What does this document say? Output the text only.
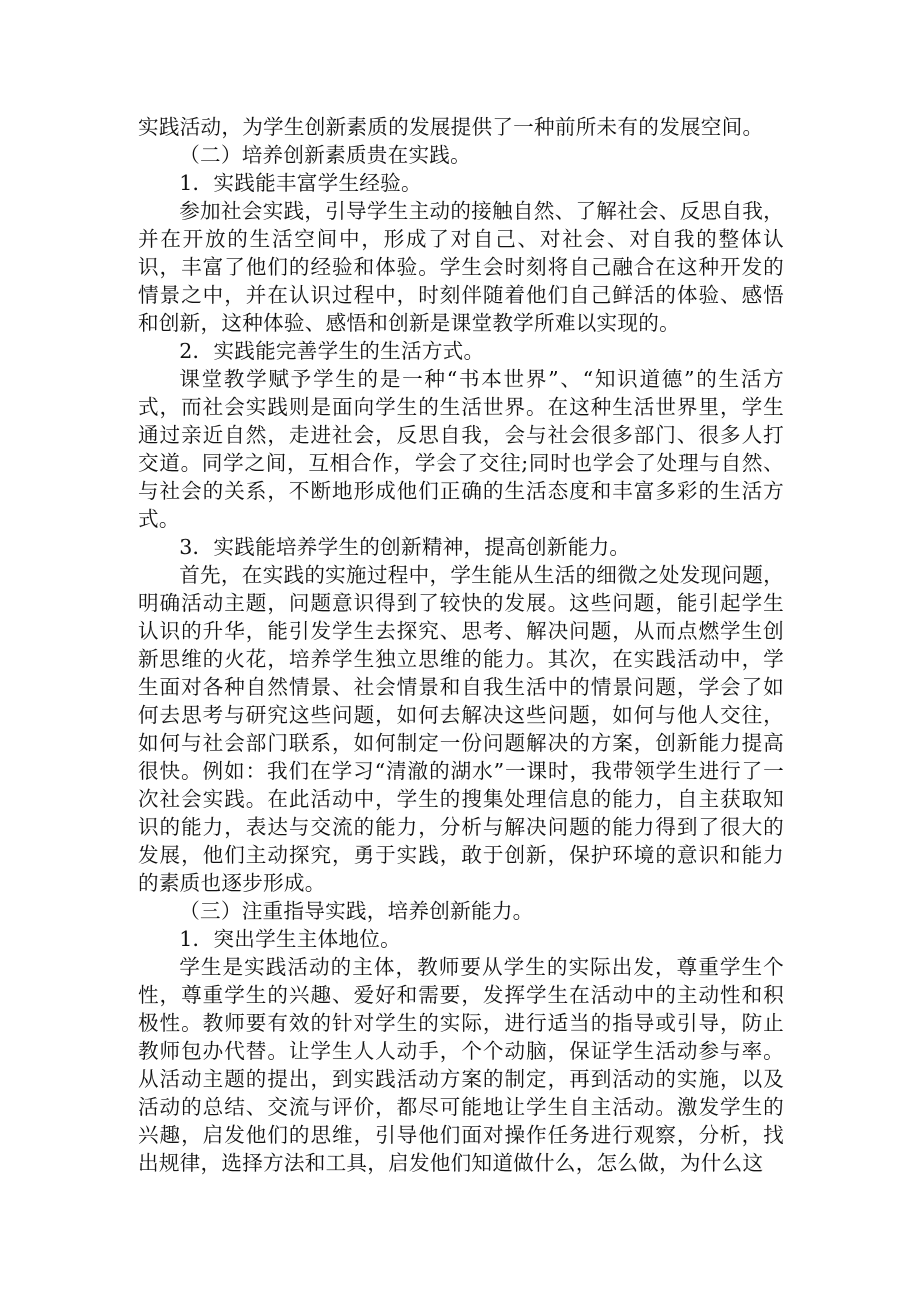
实践活动，为学生创新素质的发展提供了一种前所未有的发展空间。

（二）培养创新素质贵在实践。

1．实践能丰富学生经验。

参加社会实践，引导学生主动的接触自然、了解社会、反思自我，并在开放的生活空间中，形成了对自己、对社会、对自我的整体认识，丰富了他们的经验和体验。学生会时刻将自己融合在这种开发的情景之中，并在认识过程中，时刻伴随着他们自己鲜活的体验、感悟和创新，这种体验、感悟和创新是课堂教学所难以实现的。

2．实践能完善学生的生活方式。

课堂教学赋予学生的是一种“书本世界”、“知识道德”的生活方式，而社会实践则是面向学生的生活世界。在这种生活世界里，学生通过亲近自然，走进社会，反思自我，会与社会很多部门、很多人打交道。同学之间，互相合作，学会了交往;同时也学会了处理与自然、与社会的关系，不断地形成他们正确的生活态度和丰富多彩的生活方式。

3．实践能培养学生的创新精神，提高创新能力。

首先，在实践的实施过程中，学生能从生活的细微之处发现问题，明确活动主题，问题意识得到了较快的发展。这些问题，能引起学生认识的升华，能引发学生去探究、思考、解决问题，从而点燃学生创新思维的火花，培养学生独立思维的能力。其次，在实践活动中，学生面对各种自然情景、社会情景和自我生活中的情景问题，学会了如何去思考与研究这些问题，如何去解决这些问题，如何与他人交往，如何与社会部门联系，如何制定一份问题解决的方案，创新能力提高很快。例如：我们在学习“清澈的湖水”一课时，我带领学生进行了一次社会实践。在此活动中，学生的搜集处理信息的能力，自主获取知识的能力，表达与交流的能力，分析与解决问题的能力得到了很大的发展，他们主动探究，勇于实践，敢于创新，保护环境的意识和能力的素质也逐步形成。

（三）注重指导实践，培养创新能力。

1．突出学生主体地位。

学生是实践活动的主体，教师要从学生的实际出发，尊重学生个性，尊重学生的兴趣、爱好和需要，发挥学生在活动中的主动性和积极性。教师要有效的针对学生的实际，进行适当的指导或引导，防止教师包办代替。让学生人人动手，个个动脑，保证学生活动参与率。从活动主题的提出，到实践活动方案的制定，再到活动的实施，以及活动的总结、交流与评价，都尽可能地让学生自主活动。激发学生的兴趣，启发他们的思维，引导他们面对操作任务进行观察，分析，找出规律，选择方法和工具，启发他们知道做什么，怎么做，为什么这
